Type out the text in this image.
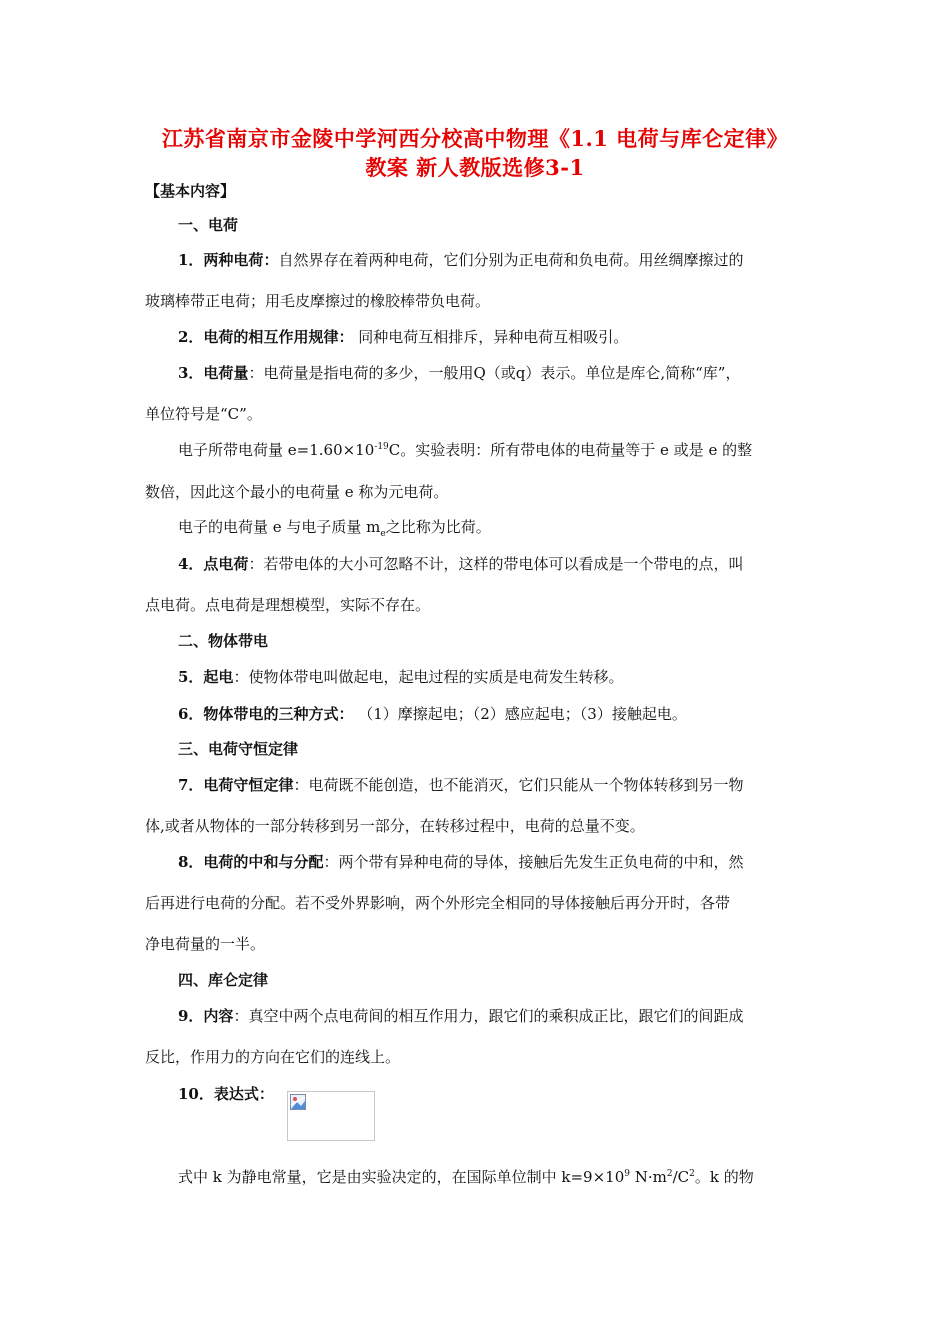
江苏省南京市金陵中学河西分校高中物理《1.1 电荷与库仑定律》
教案 新人教版选修3-1
【基本内容】
一、电荷
1．两种电荷：自然界存在着两种电荷，它们分别为正电荷和负电荷。用丝绸摩擦过的
玻璃棒带正电荷；用毛皮摩擦过的橡胶棒带负电荷。
2．电荷的相互作用规律： 同种电荷互相排斥，异种电荷互相吸引。
3．电荷量：电荷量是指电荷的多少，一般用Q（或q）表示。单位是库仑,简称“库”，
单位符号是“C”。
电子所带电荷量 $e=1.60\times 10^{-19}C$。实验表明：所有带电体的电荷量等于 e 或是 e 的整
数倍，因此这个最小的电荷量 e 称为元电荷。
电子的电荷量 e 与电子质量 $m_e$之比称为比荷。
4．点电荷：若带电体的大小可忽略不计，这样的带电体可以看成是一个带电的点，叫
点电荷。点电荷是理想模型，实际不存在。
二、物体带电
5．起电：使物体带电叫做起电，起电过程的实质是电荷发生转移。
6．物体带电的三种方式： （1）摩擦起电；（2）感应起电；（3）接触起电。
三、电荷守恒定律
7．电荷守恒定律：电荷既不能创造，也不能消灭，它们只能从一个物体转移到另一物
体,或者从物体的一部分转移到另一部分，在转移过程中，电荷的总量不变。
8．电荷的中和与分配：两个带有异种电荷的导体，接触后先发生正负电荷的中和，然
后再进行电荷的分配。若不受外界影响，两个外形完全相同的导体接触后再分开时，各带
净电荷量的一半。
四、库仑定律
9．内容：真空中两个点电荷间的相互作用力，跟它们的乘积成正比，跟它们的间距成
反比，作用力的方向在它们的连线上。
10．表达式：
式中 k 为静电常量，它是由实验决定的，在国际单位制中 $k=9\times 10^9$ $N\cdot m^2/C^2$。k 的物
